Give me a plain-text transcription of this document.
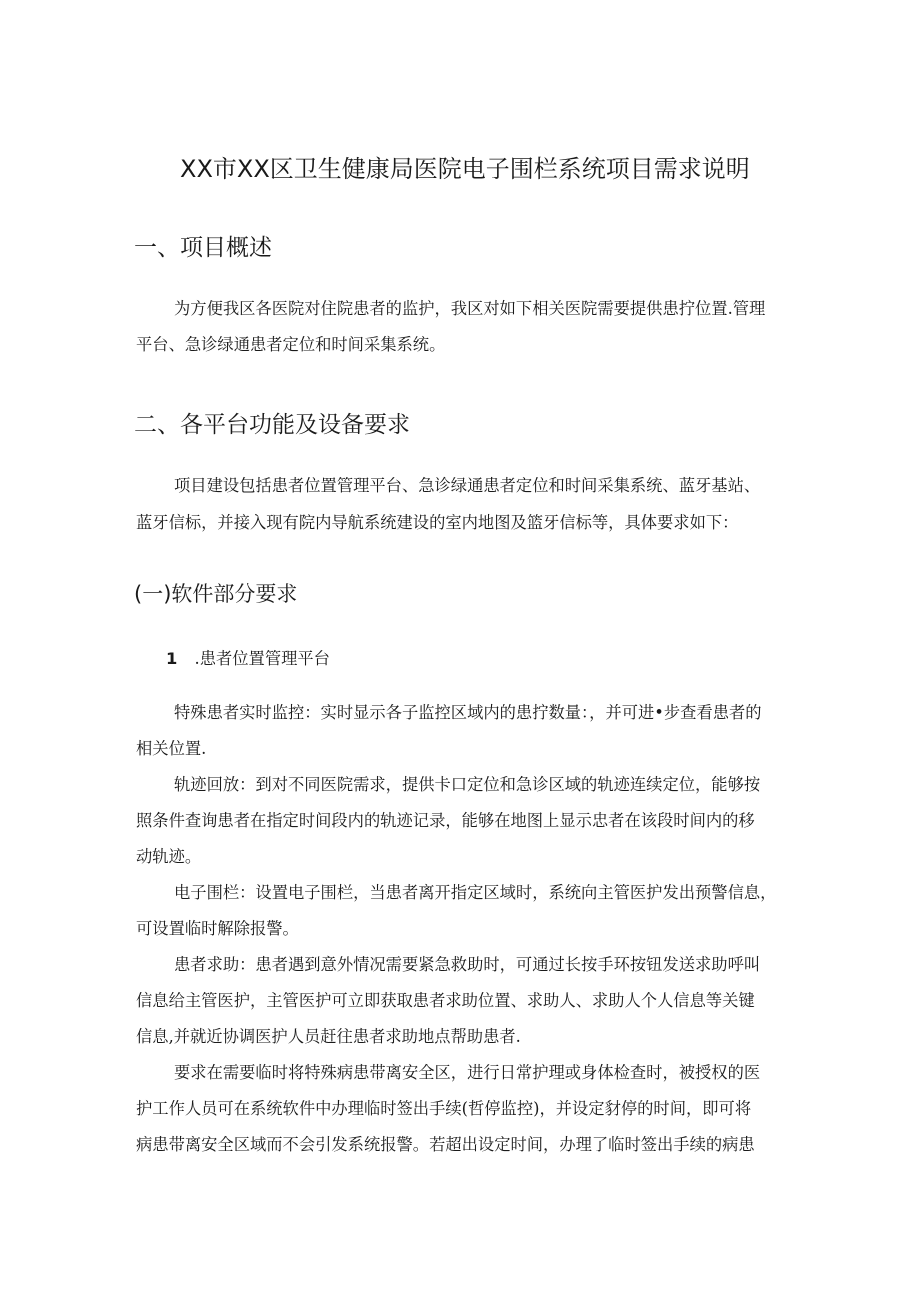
XX市XX区卫生健康局医院电子围栏系统项目需求说明
一、项目概述
为方便我区各医院对住院患者的监护，我区对如下相关医院需要提供患拧位置.管理
平台、急诊绿通患者定位和时间采集系统。
二、各平台功能及设备要求
项目建设包括患者位置管理平台、急诊绿通患者定位和时间采集系统、蓝牙基站、
蓝牙信标，并接入现有院内导航系统建设的室内地图及篮牙信标等，具体要求如下：
(一)软件部分要求
1 .患者位置管理平台
特殊患者实时监控：实时显示各子监控区域内的患拧数量：，并可进•步查看患者的
相关位置.
轨迹回放：到对不同医院需求，提供卡口定位和急诊区域的轨迹连续定位，能够按
照条件查询患者在指定时间段内的轨迹记录，能够在地图上显示忠者在该段时间内的移
动轨迹。
电子围栏：设置电子围栏，当患者离开指定区域时，系统向主管医护发出预警信息，
可设置临时解除报警。
患者求助：患者遇到意外情况需要紧急救助时，可通过长按手环按钮发送求助呼叫
信息给主管医护，主管医护可立即获取患者求助位置、求助人、求助人个人信息等关键
信息,并就近协调医护人员赶往患者求助地点帮助患者.
要求在需要临时将特殊病患带离安全区，进行日常护理或身体检查时，被授权的医
护工作人员可在系统软件中办理临时签出手续(哲停监控)，并设定豺停的时间，即可将
病患带离安全区域而不会引发系统报警。若超出设定时间，办理了临时签出手续的病患
